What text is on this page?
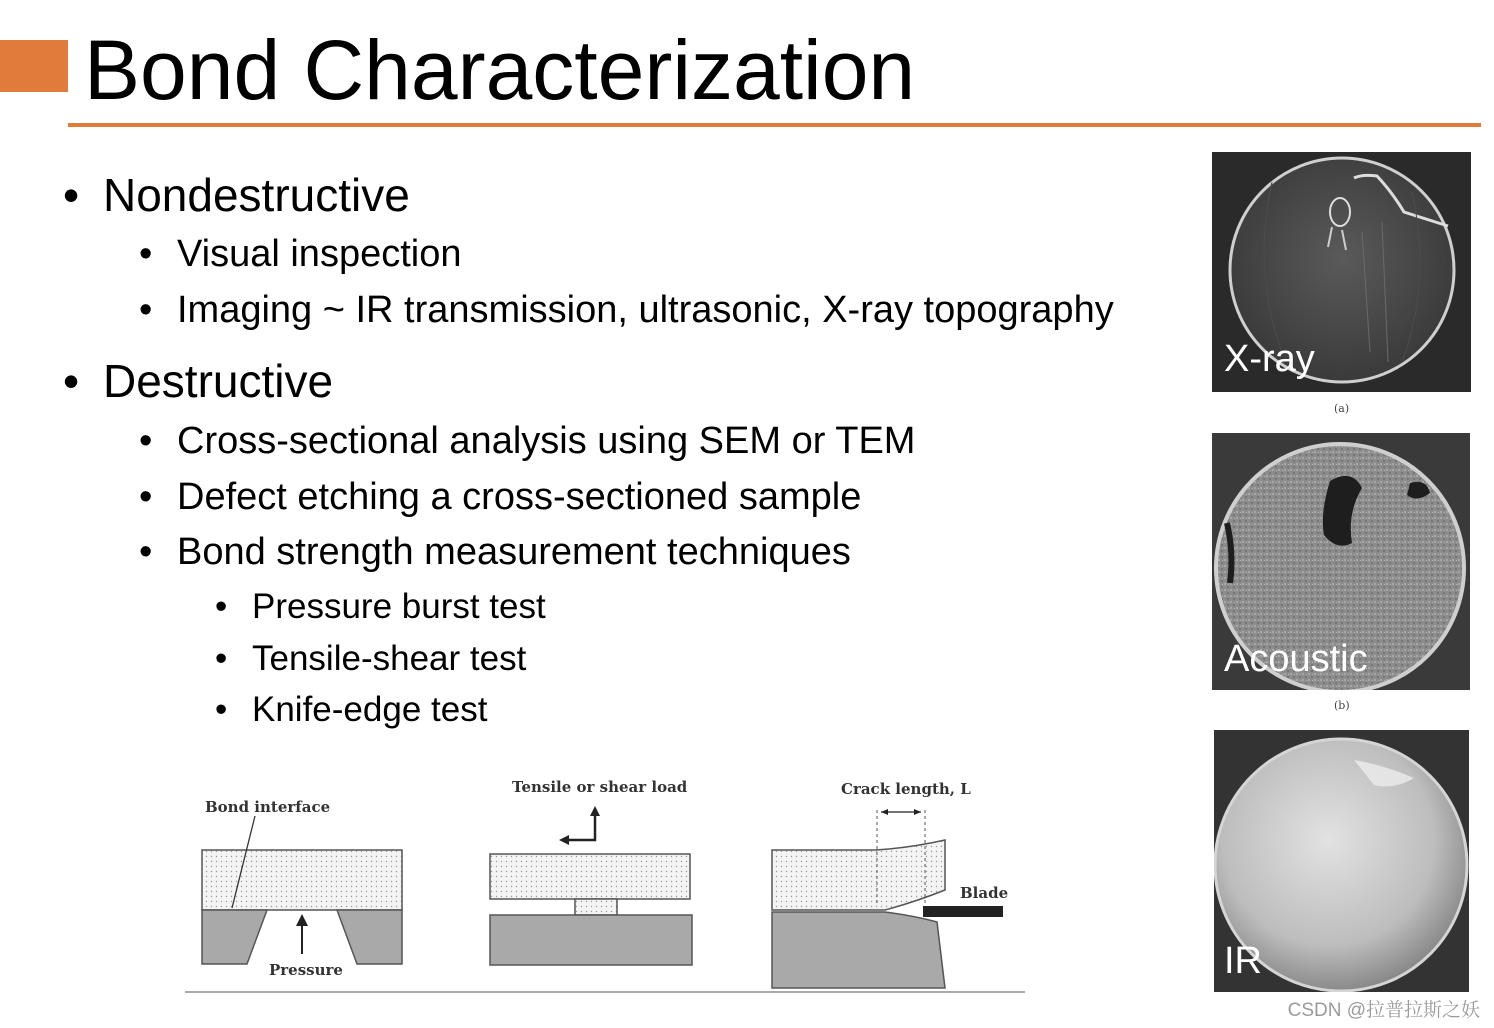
Bond Characterization
• Nondestructive
• Visual inspection
• Imaging ~ IR transmission, ultrasonic, X-ray topography
• Destructive
• Cross-sectional analysis using SEM or TEM
• Defect etching a cross-sectioned sample
• Bond strength measurement techniques
• Pressure burst test
• Tensile-shear test
• Knife-edge test
X-ray
(a)
Acoustic
(b)
IR
Bond interface
Pressure
Tensile or shear load	Crack length, L
Blade
CSDN @拉普拉斯之妖
